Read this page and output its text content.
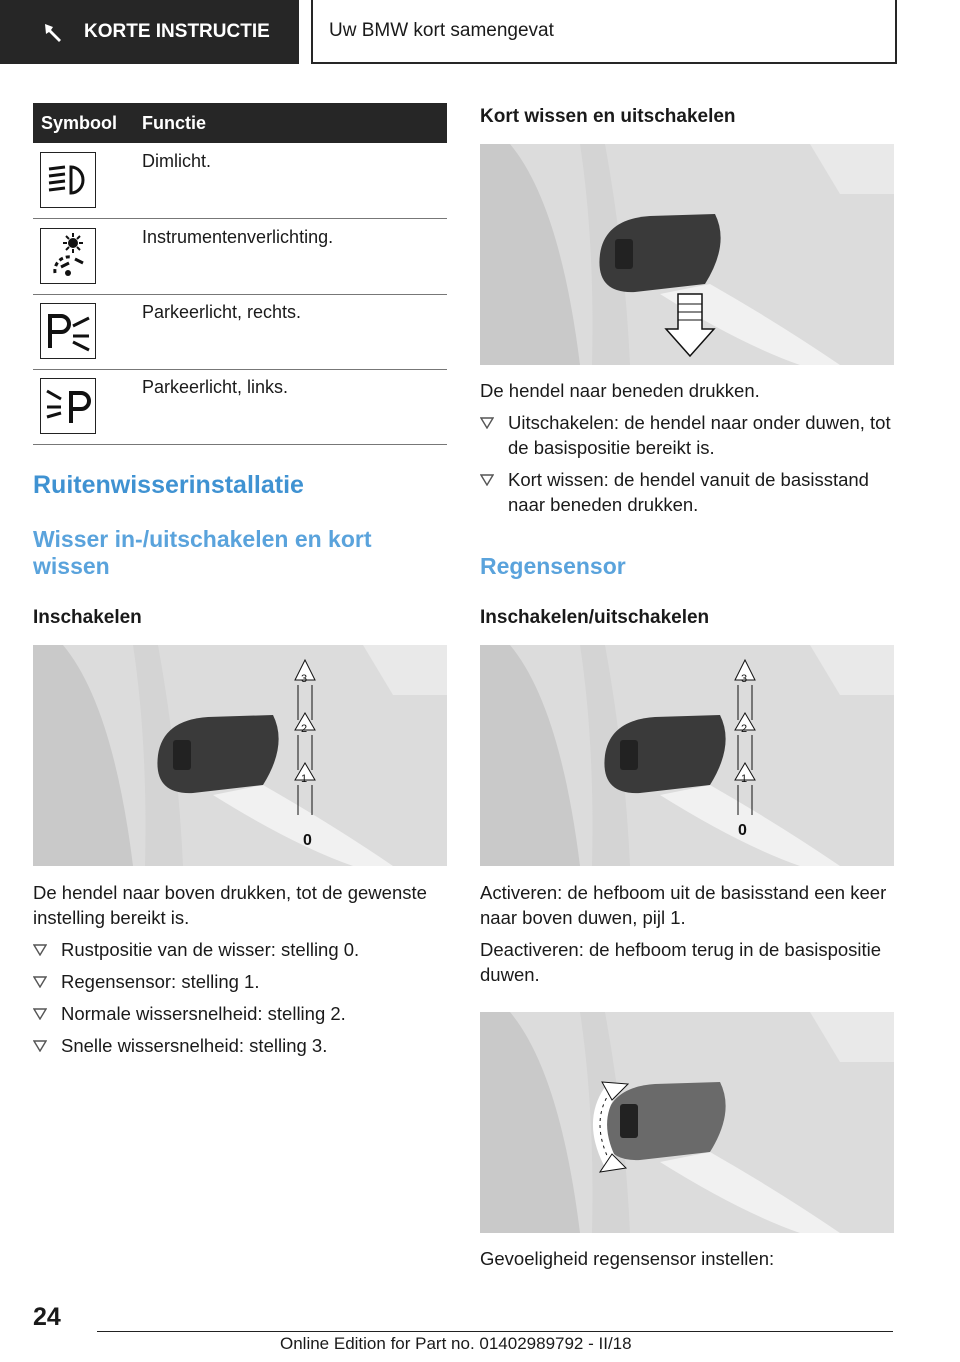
KORTE INSTRUCTIE	Uw BMW kort samengevat
Symbool Functie
Dimlicht.
Instrumentenverlichting.
Parkeerlicht, rechts.
Parkeerlicht, links.
Ruitenwisserinstallatie
Wisser in-/uitschakelen en kort wissen
Inschakelen
0
1
2
3
De hendel naar boven drukken, tot de gewenste instelling bereikt is.
Rustpositie van de wisser: stelling 0.
Regensensor: stelling 1.
Normale wissersnelheid: stelling 2.
Snelle wissersnelheid: stelling 3.
Kort wissen en uitschakelen
De hendel naar beneden drukken.
Uitschakelen: de hendel naar onder duwen, tot de basispositie bereikt is.
Kort wissen: de hendel vanuit de basisstand naar beneden drukken.
Regensensor
Inschakelen/uitschakelen
0
1
2
3
Activeren: de hefboom uit de basisstand een keer naar boven duwen, pijl 1.
Deactiveren: de hefboom terug in de basispositie duwen.
Gevoeligheid regensensor instellen:
24
Online Edition for Part no. 01402989792 - II/18
